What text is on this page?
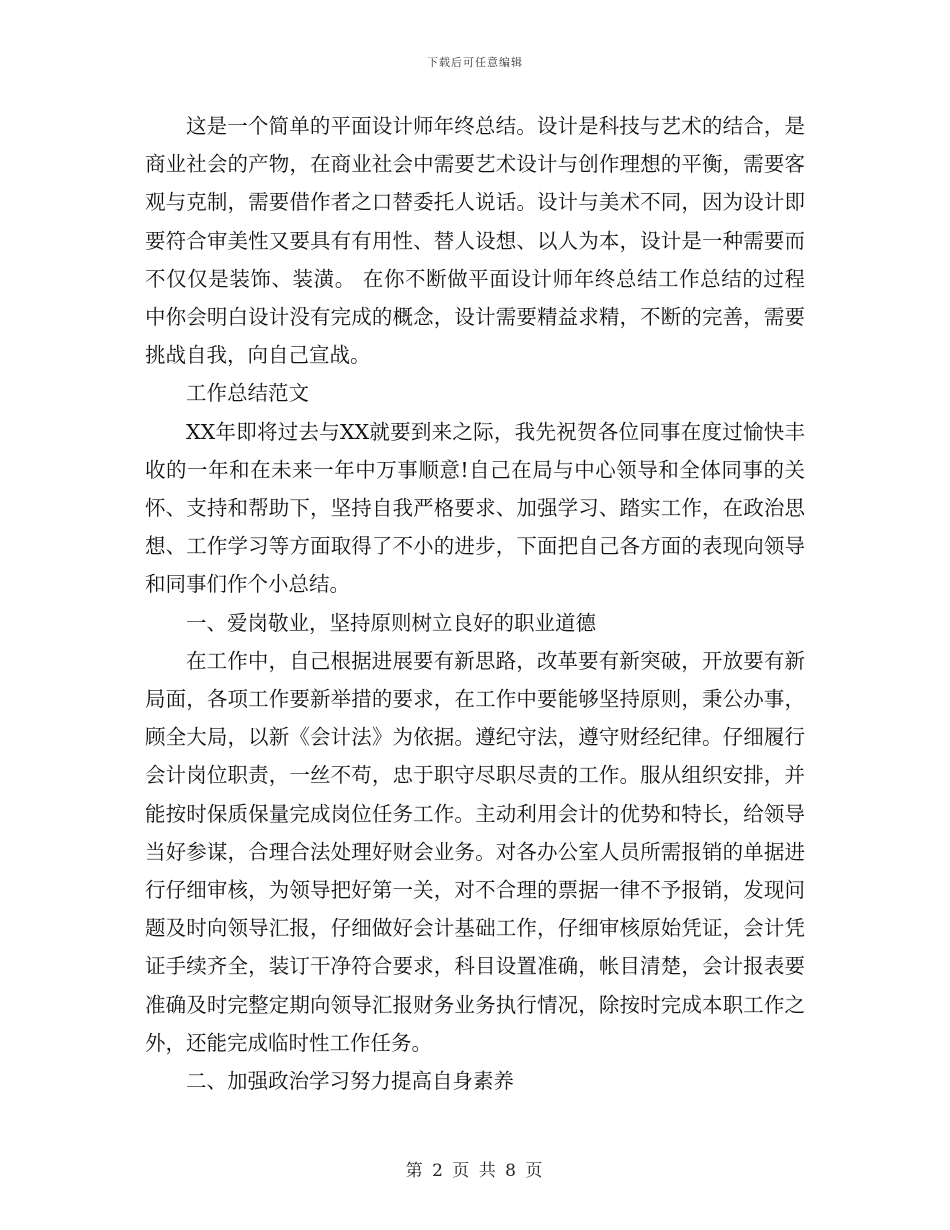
下载后可任意编辑

这是一个简单的平面设计师年终总结。设计是科技与艺术的结合，是商业社会的产物，在商业社会中需要艺术设计与创作理想的平衡，需要客观与克制，需要借作者之口替委托人说话。设计与美术不同，因为设计即要符合审美性又要具有有用性、替人设想、以人为本，设计是一种需要而不仅仅是装饰、装潢。 在你不断做平面设计师年终总结工作总结的过程中你会明白设计没有完成的概念，设计需要精益求精，不断的完善，需要挑战自我，向自己宣战。

工作总结范文

XX年即将过去与XX就要到来之际，我先祝贺各位同事在度过愉快丰收的一年和在未来一年中万事顺意!自己在局与中心领导和全体同事的关怀、支持和帮助下，坚持自我严格要求、加强学习、踏实工作，在政治思想、工作学习等方面取得了不小的进步，下面把自己各方面的表现向领导和同事们作个小总结。

一、爱岗敬业，坚持原则树立良好的职业道德

在工作中，自己根据进展要有新思路，改革要有新突破，开放要有新局面，各项工作要新举措的要求，在工作中要能够坚持原则，秉公办事，顾全大局，以新《会计法》为依据。遵纪守法，遵守财经纪律。仔细履行会计岗位职责，一丝不苟，忠于职守尽职尽责的工作。服从组织安排，并能按时保质保量完成岗位任务工作。主动利用会计的优势和特长，给领导当好参谋，合理合法处理好财会业务。对各办公室人员所需报销的单据进行仔细审核，为领导把好第一关，对不合理的票据一律不予报销，发现问题及时向领导汇报，仔细做好会计基础工作，仔细审核原始凭证，会计凭证手续齐全，装订干净符合要求，科目设置准确，帐目清楚，会计报表要准确及时完整定期向领导汇报财务业务执行情况，除按时完成本职工作之外，还能完成临时性工作任务。

二、加强政治学习努力提高自身素养

第 2 页 共 8 页
